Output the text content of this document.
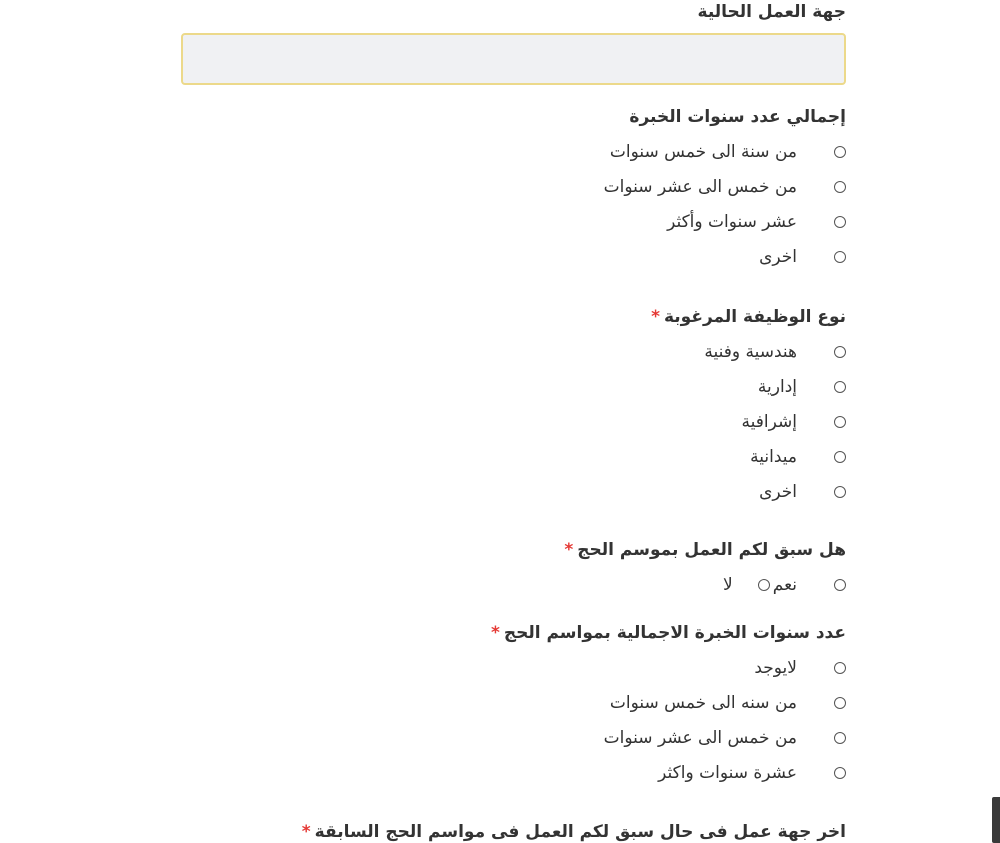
جهة العمل الحالية
إجمالي عدد سنوات الخبرة
من سنة الى خمس سنوات
من خمس الى عشر سنوات
عشر سنوات وأكثر
اخرى
نوع الوظيفة المرغوبة*
هندسية وفنية
إدارية
إشرافية
ميدانية
اخرى
هل سبق لكم العمل بموسم الحج*
نعم
لا
عدد سنوات الخبرة الاجمالية بمواسم الحج*
لايوجد
من سنه الى خمس سنوات
من خمس الى عشر سنوات
عشرة سنوات واكثر
اخر جهة عمل فى حال سبق لكم العمل فى مواسم الحج السابقة*
